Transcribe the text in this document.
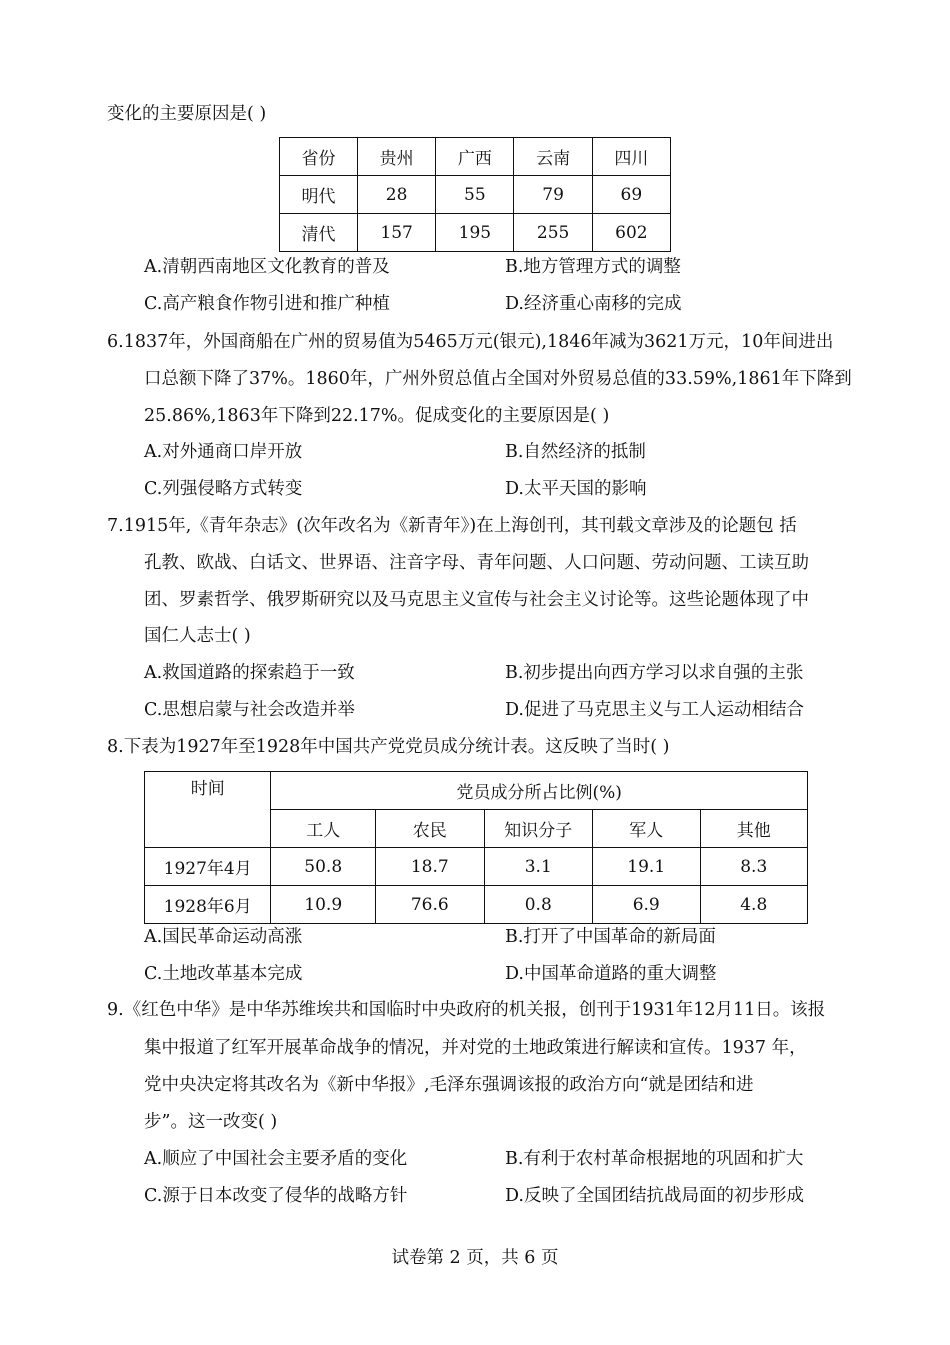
变化的主要原因是( )
省份	贵州	广西	云南	四川
明代	28	55	79	69
清代	157	195	255	602
A.清朝西南地区文化教育的普及	B.地方管理方式的调整
C.高产粮食作物引进和推广种植	D.经济重心南移的完成
6.1837年，外国商船在广州的贸易值为5465万元(银元),1846年减为3621万元，10年间进出
口总额下降了37%。1860年，广州外贸总值占全国对外贸易总值的33.59%,1861年下降到
25.86%,1863年下降到22.17%。促成变化的主要原因是( )
A.对外通商口岸开放	B.自然经济的抵制
C.列强侵略方式转变	D.太平天国的影响
7.1915年,《青年杂志》(次年改名为《新青年》)在上海创刊，其刊载文章涉及的论题包 括
孔教、欧战、白话文、世界语、注音字母、青年问题、人口问题、劳动问题、工读互助
团、罗素哲学、俄罗斯研究以及马克思主义宣传与社会主义讨论等。这些论题体现了中
国仁人志士( )
A.救国道路的探索趋于一致	B.初步提出向西方学习以求自强的主张
C.思想启蒙与社会改造并举	D.促进了马克思主义与工人运动相结合
8.下表为1927年至1928年中国共产党党员成分统计表。这反映了当时( )
时间	党员成分所占比例(%)				
	工人	农民	知识分子	军人	其他
1927年4月	50.8	18.7	3.1	19.1	8.3
1928年6月	10.9	76.6	0.8	6.9	4.8
A.国民革命运动高涨	B.打开了中国革命的新局面
C.土地改革基本完成	D.中国革命道路的重大调整
9.《红色中华》是中华苏维埃共和国临时中央政府的机关报，创刊于1931年12月11日。该报
集中报道了红军开展革命战争的情况，并对党的土地政策进行解读和宣传。1937 年，
党中央决定将其改名为《新中华报》,毛泽东强调该报的政治方向“就是团结和进
步”。这一改变( )
A.顺应了中国社会主要矛盾的变化	B.有利于农村革命根据地的巩固和扩大
C.源于日本改变了侵华的战略方针	D.反映了全国团结抗战局面的初步形成
试卷第 2 页，共 6 页
